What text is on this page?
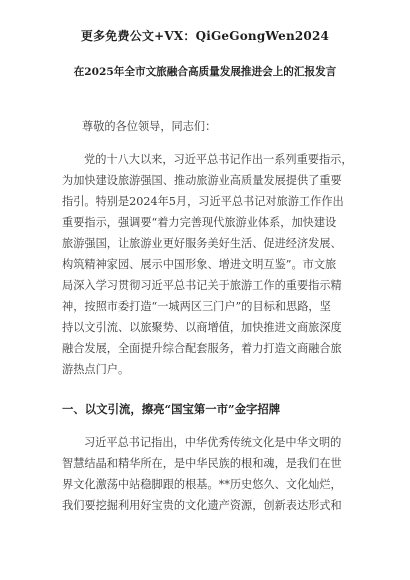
更多免费公文+VX：QiGeGongWen2024
在2025年全市文旅融合高质量发展推进会上的汇报发言
尊敬的各位领导，同志们：
党的十八大以来，习近平总书记作出一系列重要指示，
为加快建设旅游强国、推动旅游业高质量发展提供了重要
指引。特别是2024年5月，习近平总书记对旅游工作作出
重要指示，强调要“着力完善现代旅游业体系，加快建设
旅游强国，让旅游业更好服务美好生活、促进经济发展、
构筑精神家园、展示中国形象、增进文明互鉴”。市文旅
局深入学习贯彻习近平总书记关于旅游工作的重要指示精
神，按照市委打造“一城两区三门户”的目标和思路，坚
持以文引流、以旅聚势、以商增值，加快推进文商旅深度
融合发展，全面提升综合配套服务，着力打造文商融合旅
游热点门户。
一、以文引流，擦亮“国宝第一市”金字招牌
习近平总书记指出，中华优秀传统文化是中华文明的
智慧结晶和精华所在，是中华民族的根和魂，是我们在世
界文化激荡中站稳脚跟的根基。**历史悠久、文化灿烂，
我们要挖掘利用好宝贵的文化遗产资源，创新表达形式和
